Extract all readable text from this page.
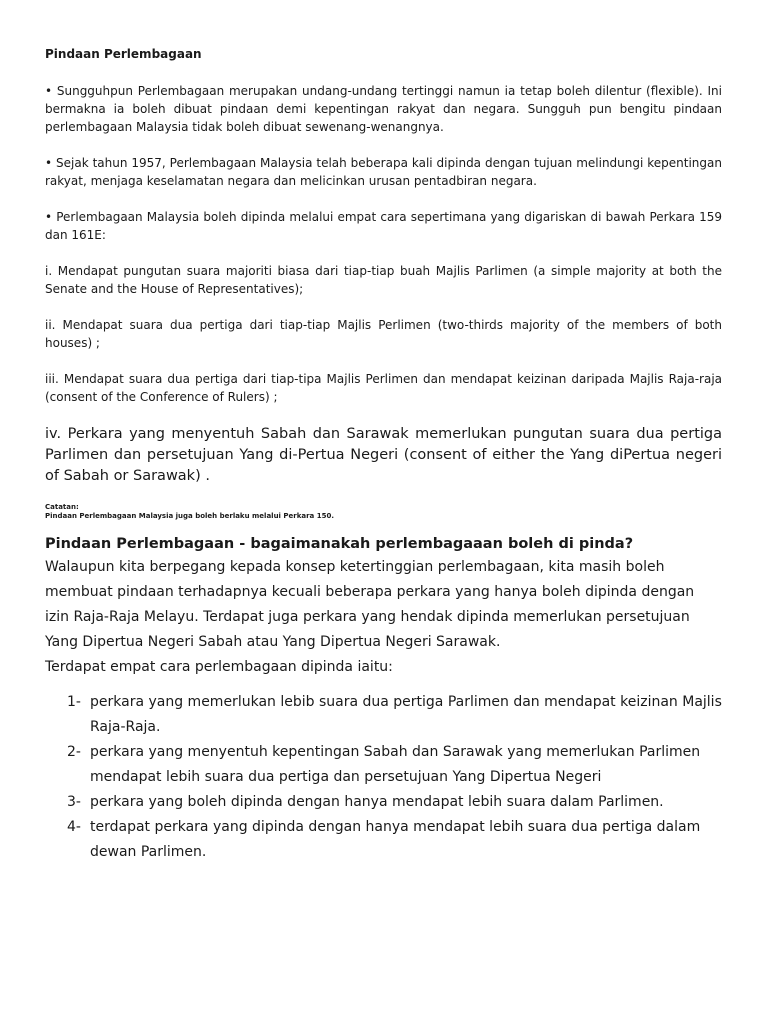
Pindaan Perlembagaan

• Sungguhpun Perlembagaan merupakan undang-undang tertinggi namun ia tetap boleh dilentur (flexible). Ini bermakna ia boleh dibuat pindaan demi kepentingan rakyat dan negara. Sungguh pun bengitu pindaan perlembagaan Malaysia tidak boleh dibuat sewenang-wenangnya.

• Sejak tahun 1957, Perlembagaan Malaysia telah beberapa kali dipinda dengan tujuan melindungi kepentingan rakyat, menjaga keselamatan negara dan melicinkan urusan pentadbiran negara.

• Perlembagaan Malaysia boleh dipinda melalui empat cara sepertimana yang digariskan di bawah Perkara 159 dan 161E:

i. Mendapat pungutan suara majoriti biasa dari tiap-tiap buah Majlis Parlimen (a simple majority at both the Senate and the House of Representatives);

ii. Mendapat suara dua pertiga dari tiap-tiap Majlis Perlimen (two-thirds majority of the members of both houses) ;

iii. Mendapat suara dua pertiga dari tiap-tipa Majlis Perlimen dan mendapat keizinan daripada Majlis Raja-raja (consent of the Conference of Rulers) ;

iv. Perkara yang menyentuh Sabah dan Sarawak memerlukan pungutan suara dua pertiga Parlimen dan persetujuan Yang di-Pertua Negeri (consent of either the Yang diPertua negeri of Sabah or Sarawak) .

Catatan:

Pindaan Perlembagaan Malaysia juga boleh berlaku melalui Perkara 150.

Pindaan Perlembagaan - bagaimanakah perlembagaaan boleh di pinda?

Walaupun kita berpegang kepada konsep ketertinggian perlembagaan, kita masih boleh membuat pindaan terhadapnya kecuali beberapa perkara yang hanya boleh dipinda dengan izin Raja-Raja Melayu. Terdapat juga perkara yang hendak dipinda memerlukan persetujuan Yang Dipertua Negeri Sabah atau Yang Dipertua Negeri Sarawak.

Terdapat empat cara perlembagaan dipinda iaitu:

1- perkara yang memerlukan lebib suara dua pertiga Parlimen dan mendapat keizinan Majlis Raja-Raja.
2- perkara yang menyentuh kepentingan Sabah dan Sarawak yang memerlukan Parlimen mendapat lebih suara dua pertiga dan persetujuan Yang Dipertua Negeri
3- perkara yang boleh dipinda dengan hanya mendapat lebih suara dalam Parlimen.
4- terdapat perkara yang dipinda dengan hanya mendapat lebih suara dua pertiga dalam dewan Parlimen.
